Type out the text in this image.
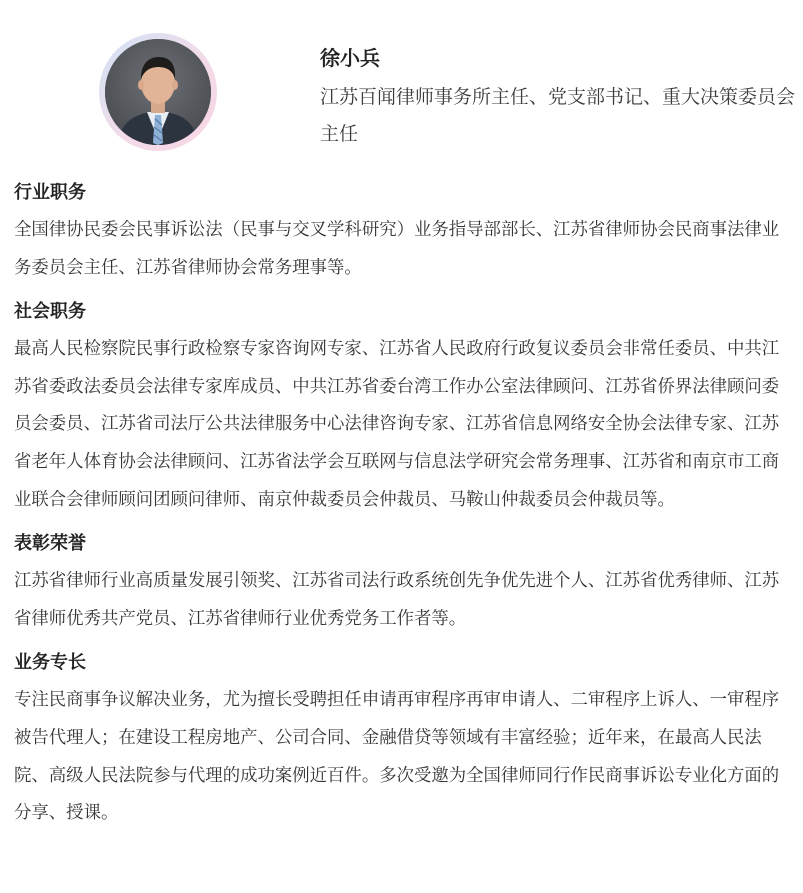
徐小兵
江苏百闻律师事务所主任、党支部书记、重大决策委员会主任
行业职务
全国律协民委会民事诉讼法（民事与交叉学科研究）业务指导部部长、江苏省律师协会民商事法律业务委员会主任、江苏省律师协会常务理事等。
社会职务
最高人民检察院民事行政检察专家咨询网专家、江苏省人民政府行政复议委员会非常任委员、中共江苏省委政法委员会法律专家库成员、中共江苏省委台湾工作办公室法律顾问、江苏省侨界法律顾问委员会委员、江苏省司法厅公共法律服务中心法律咨询专家、江苏省信息网络安全协会法律专家、江苏省老年人体育协会法律顾问、江苏省法学会互联网与信息法学研究会常务理事、江苏省和南京市工商业联合会律师顾问团顾问律师、南京仲裁委员会仲裁员、马鞍山仲裁委员会仲裁员等。
表彰荣誉
江苏省律师行业高质量发展引领奖、江苏省司法行政系统创先争优先进个人、江苏省优秀律师、江苏省律师优秀共产党员、江苏省律师行业优秀党务工作者等。
业务专长
专注民商事争议解决业务，尤为擅长受聘担任申请再审程序再审申请人、二审程序上诉人、一审程序被告代理人；在建设工程房地产、公司合同、金融借贷等领域有丰富经验；近年来，在最高人民法院、高级人民法院参与代理的成功案例近百件。多次受邀为全国律师同行作民商事诉讼专业化方面的分享、授课。
